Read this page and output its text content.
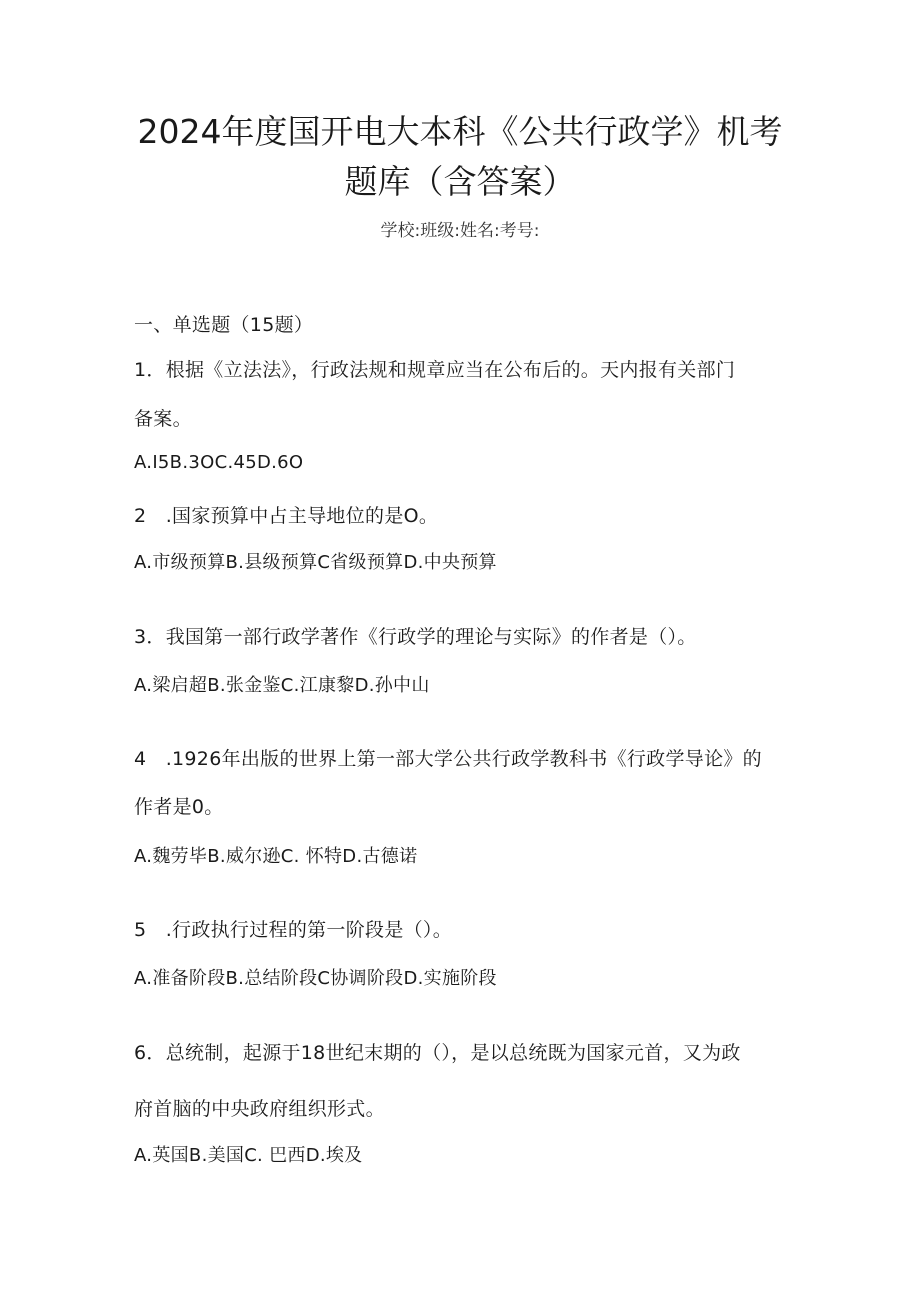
2024年度国开电大本科《公共行政学》机考
题库（含答案）

学校:班级:姓名:考号:

一、单选题（15题）

1．根据《立法法》，行政法规和规章应当在公布后的。天内报有关部门

备案。

A.I5B.3OC.45D.6O

2　.国家预算中占主导地位的是O。

A.市级预算B.县级预算C省级预算D.中央预算

3．我国第一部行政学著作《行政学的理论与实际》的作者是（）。

A.梁启超B.张金鉴C.江康黎D.孙中山

4　.1926年出版的世界上第一部大学公共行政学教科书《行政学导论》的

作者是0。

A.魏劳毕B.威尔逊C. 怀特D.古德诺

5　.行政执行过程的第一阶段是（）。

A.准备阶段B.总结阶段C协调阶段D.实施阶段

6．总统制，起源于18世纪末期的（），是以总统既为国家元首，又为政

府首脑的中央政府组织形式。

A.英国B.美国C. 巴西D.埃及
